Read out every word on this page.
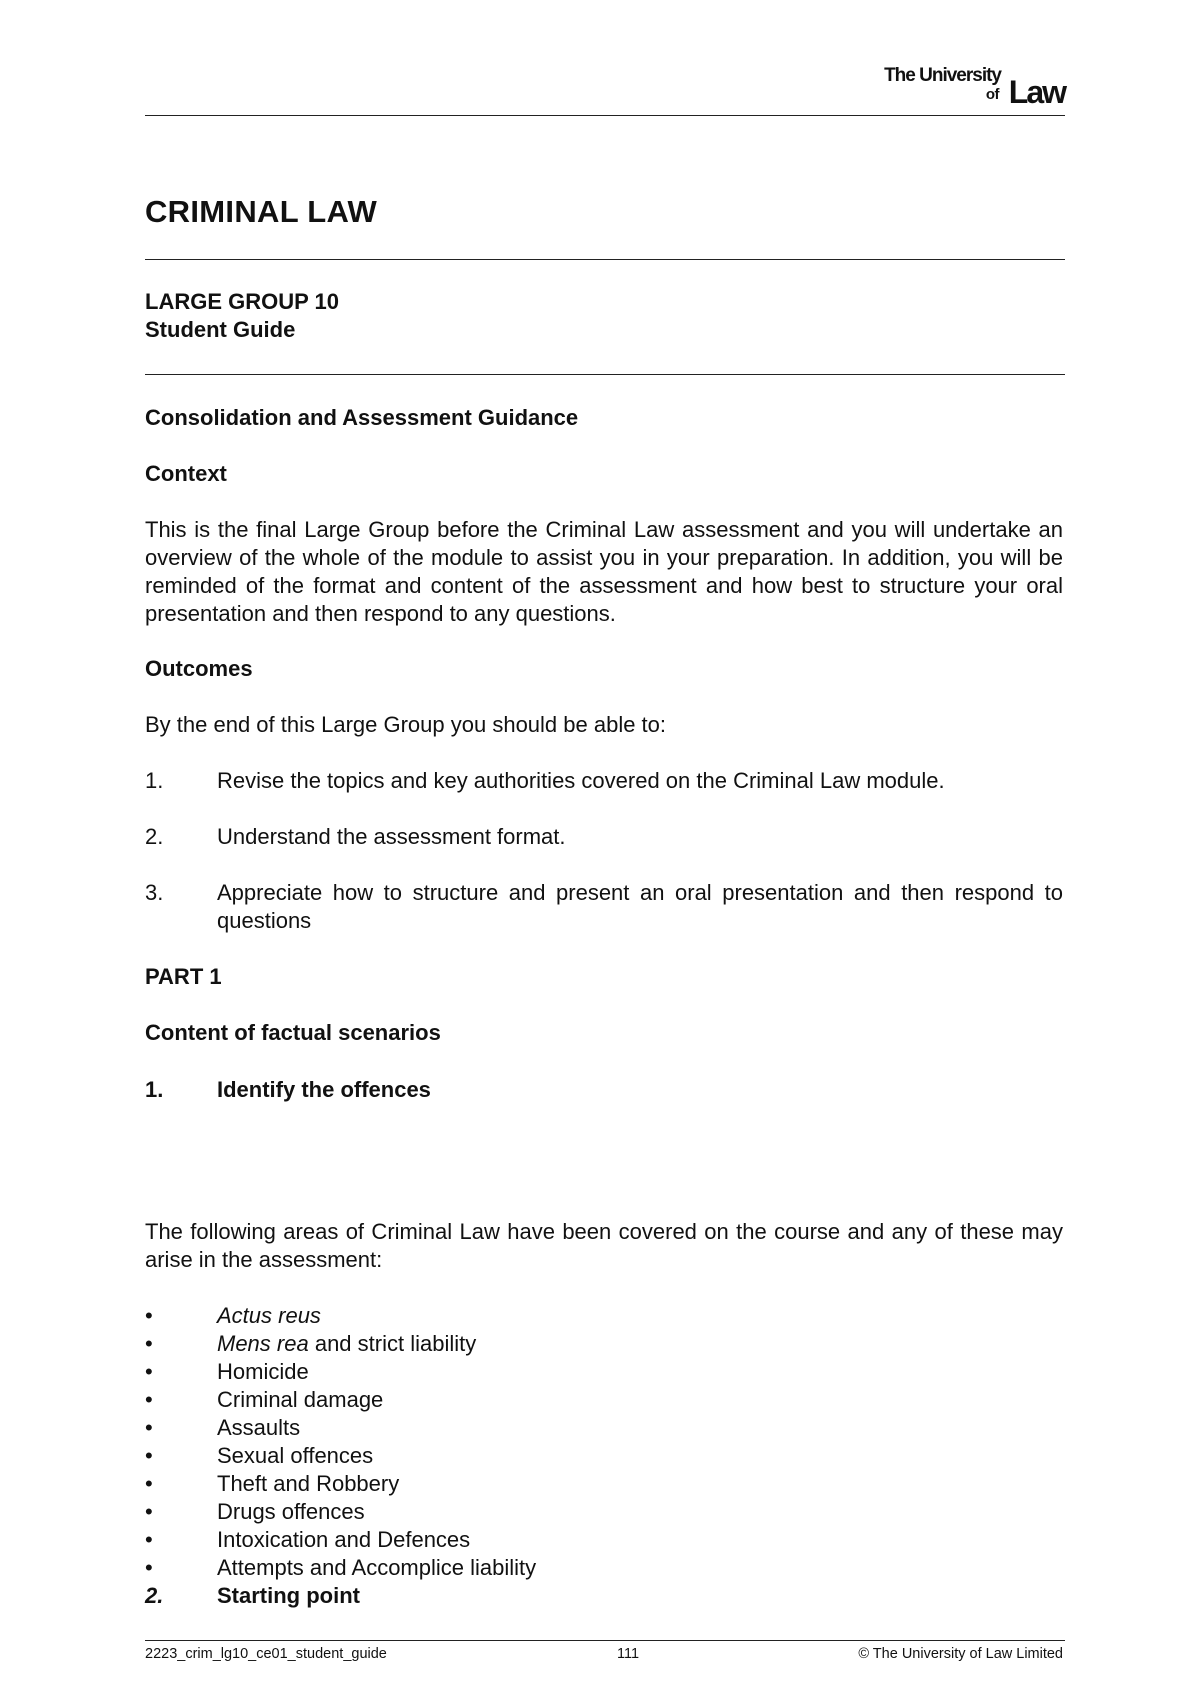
The University
of Law
CRIMINAL LAW
LARGE GROUP 10
Student Guide
Consolidation and Assessment Guidance
Context
This is the final Large Group before the Criminal Law assessment and you will undertake an overview of the whole of the module to assist you in your preparation. In addition, you will be reminded of the format and content of the assessment and how best to structure your oral presentation and then respond to any questions.
Outcomes
By the end of this Large Group you should be able to:
1. Revise the topics and key authorities covered on the Criminal Law module.
2. Understand the assessment format.
3. Appreciate how to structure and present an oral presentation and then respond to questions
PART 1
Content of factual scenarios
1. Identify the offences
The following areas of Criminal Law have been covered on the course and any of these may arise in the assessment:
•	Actus reus
•	Mens rea and strict liability
•	Homicide
•	Criminal damage
•	Assaults
•	Sexual offences
•	Theft and Robbery
•	Drugs offences
•	Intoxication and Defences
•	Attempts and Accomplice liability
2. Starting point
2223_crim_lg10_ce01_student_guide	111	© The University of Law Limited
